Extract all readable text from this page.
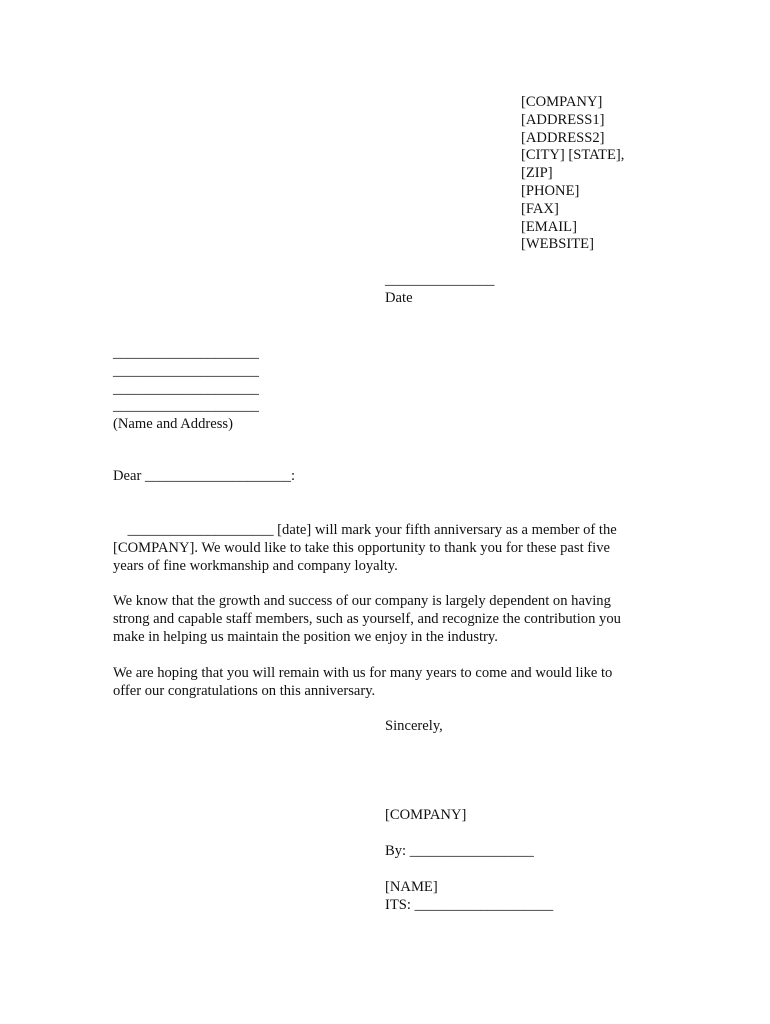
[COMPANY]
[ADDRESS1]
[ADDRESS2]
[CITY] [STATE],
[ZIP]
[PHONE]
[FAX]
[EMAIL]
[WEBSITE]
_______________
Date
____________________
____________________
____________________
____________________
(Name and Address)
Dear ____________________:
____________________ [date] will mark your fifth anniversary as a member of the
[COMPANY]. We would like to take this opportunity to thank you for these past five
years of fine workmanship and company loyalty.
We know that the growth and success of our company is largely dependent on having
strong and capable staff members, such as yourself, and recognize the contribution you
make in helping us maintain the position we enjoy in the industry.
We are hoping that you will remain with us for many years to come and would like to
offer our congratulations on this anniversary.
Sincerely,
[COMPANY]
By: _________________
[NAME]
ITS: ___________________
